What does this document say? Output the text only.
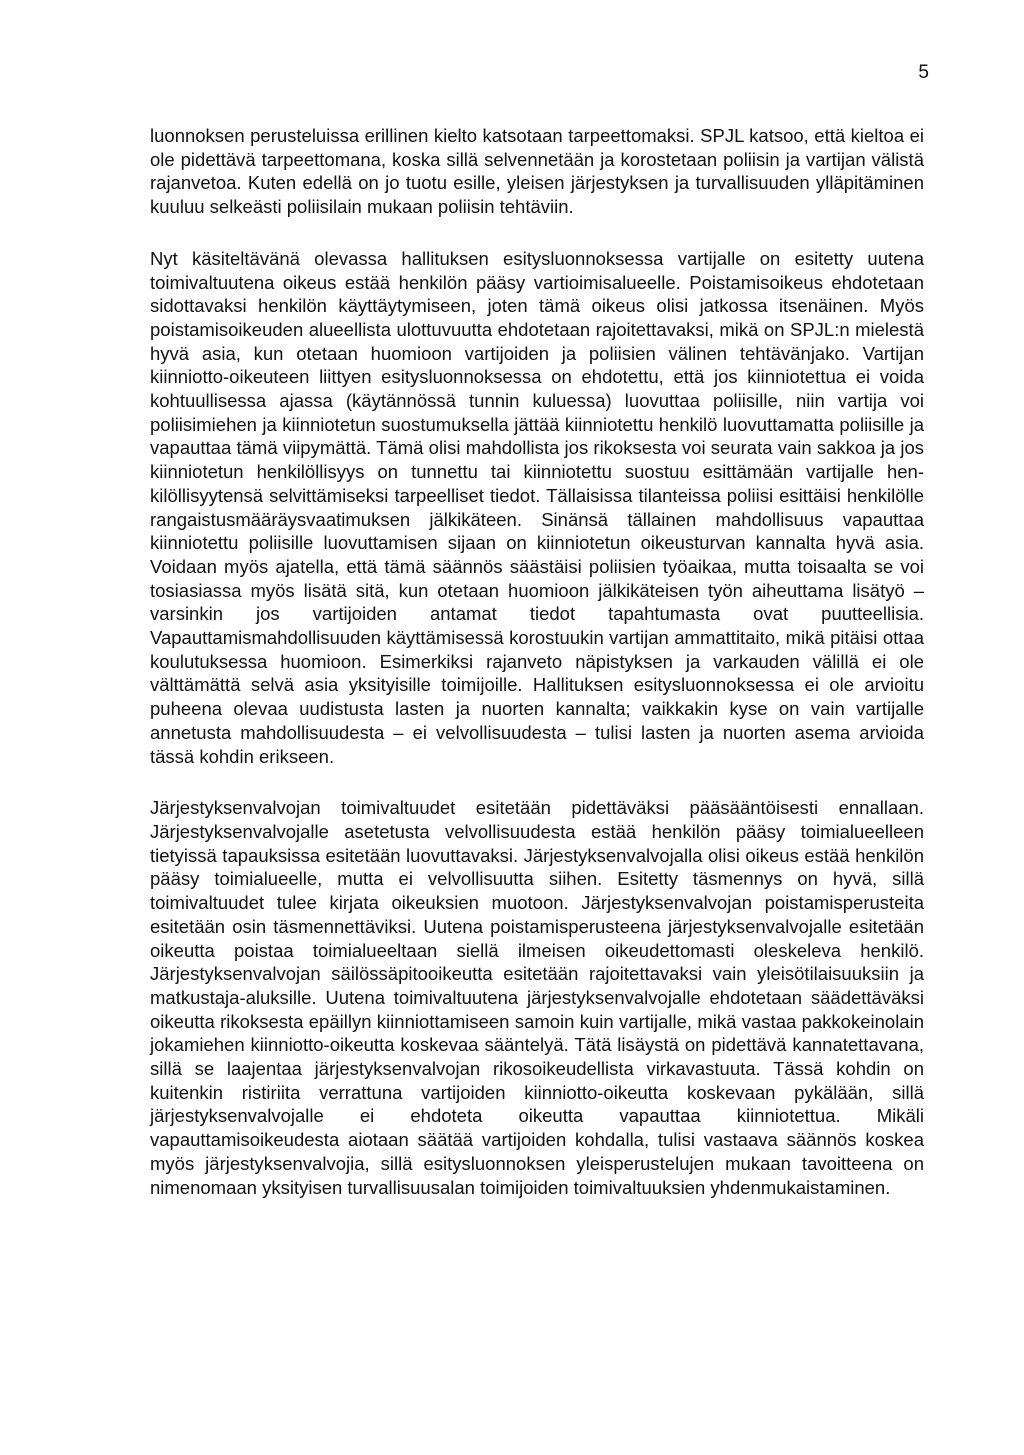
5

luonnoksen perusteluissa erillinen kielto katsotaan tarpeettomaksi. SPJL katsoo, että kieltoa ei ole pidettävä tarpeettomana, koska sillä selvennetään ja korostetaan poliisin ja vartijan välistä rajanvetoa. Kuten edellä on jo tuotu esille, yleisen järjestyksen ja turvallisuuden ylläpitäminen kuuluu selkeästi poliisilain mukaan poliisin tehtäviin.

Nyt käsiteltävänä olevassa hallituksen esitysluonnoksessa vartijalle on esitetty uutena toimivaltuutena oikeus estää henkilön pääsy vartioimisalueelle. Poistamisoikeus ehdotetaan sidottavaksi henkilön käyttäytymiseen, joten tämä oikeus olisi jatkossa itsenäinen. Myös poistamisoikeuden alueellista ulottuvuutta ehdotetaan rajoitettavaksi, mikä on SPJL:n mielestä hyvä asia, kun otetaan huomioon vartijoiden ja poliisien välinen tehtävänjako. Vartijan kiinniotto-oikeuteen liittyen esitysluonnoksessa on ehdotettu, että jos kiinniotettua ei voida kohtuullisessa ajassa (käytännössä tunnin kuluessa) luovuttaa poliisille, niin vartija voi poliisimiehen ja kiinniotetun suostumuksella jättää kiinniotettu henkilö luovuttamatta poliisille ja vapauttaa tämä viipymättä. Tämä olisi mahdollista jos rikoksesta voi seurata vain sakkoa ja jos kiinniotetun henkilöllisyys on tunnettu tai kiinniotettu suostuu esittämään vartijalle henkilöllisyytensä selvittämiseksi tarpeelliset tiedot. Tällaisissa tilanteissa poliisi esittäisi henkilölle rangaistusmääräysvaatimuksen jälkikäteen. Sinänsä tällainen mahdollisuus vapauttaa kiinniotettu poliisille luovuttamisen sijaan on kiinniotetun oikeusturvan kannalta hyvä asia. Voidaan myös ajatella, että tämä säännös säästäisi poliisien työaikaa, mutta toisaalta se voi tosiasiassa myös lisätä sitä, kun otetaan huomioon jälkikäteisen työn aiheuttama lisätyö – varsinkin jos vartijoiden antamat tiedot tapahtumasta ovat puutteellisia. Vapauttamismahdollisuuden käyttämisessä korostuukin vartijan ammattitaito, mikä pitäisi ottaa koulutuksessa huomioon. Esimerkiksi rajanveto näpistyksen ja varkauden välillä ei ole välttämättä selvä asia yksityisille toimijoille. Hallituksen esitysluonnoksessa ei ole arvioitu puheena olevaa uudistusta lasten ja nuorten kannalta; vaikkakin kyse on vain vartijalle annetusta mahdollisuudesta – ei velvollisuudesta – tulisi lasten ja nuorten asema arvioida tässä kohdin erikseen.

Järjestyksenvalvojan toimivaltuudet esitetään pidettäväksi pääsääntöisesti ennallaan. Järjestyksenvalvojalle asetetusta velvollisuudesta estää henkilön pääsy toimialueelleen tietyissä tapauksissa esitetään luovuttavaksi. Järjestyksenvalvojalla olisi oikeus estää henkilön pääsy toimialueelle, mutta ei velvollisuutta siihen. Esitetty täsmennys on hyvä, sillä toimivaltuudet tulee kirjata oikeuksien muotoon. Järjestyksenvalvojan poistamisperusteita esitetään osin täsmennettäviksi. Uutena poistamisperusteena järjestyksenvalvojalle esitetään oikeutta poistaa toimialueeltaan siellä ilmeisen oikeudettomasti oleskeleva henkilö. Järjestyksenvalvojan säilössäpitooikeutta esitetään rajoitettavaksi vain yleisötilaisuuksiin ja matkustaja-aluksille. Uutena toimivaltuutena järjestyksenvalvojalle ehdotetaan säädettäväksi oikeutta rikoksesta epäillyn kiinniottamiseen samoin kuin vartijalle, mikä vastaa pakkokeinolain jokamiehen kiinniotto-oikeutta koskevaa sääntelyä. Tätä lisäystä on pidettävä kannatettavana, sillä se laajentaa järjestyksenvalvojan rikosoikeudellista virkavastuuta. Tässä kohdin on kuitenkin ristiriita verrattuna vartijoiden kiinniotto-oikeutta koskevaan pykälään, sillä järjestyksenvalvojalle ei ehdoteta oikeutta vapauttaa kiinniotettua. Mikäli vapauttamisoikeudesta aiotaan säätää vartijoiden kohdalla, tulisi vastaava säännös koskea myös järjestyksenvalvojia, sillä esitysluonnoksen yleisperustelujen mukaan tavoitteena on nimenomaan yksityisen turvallisuusalan toimijoiden toimivaltuuksien yhdenmukaistaminen.
